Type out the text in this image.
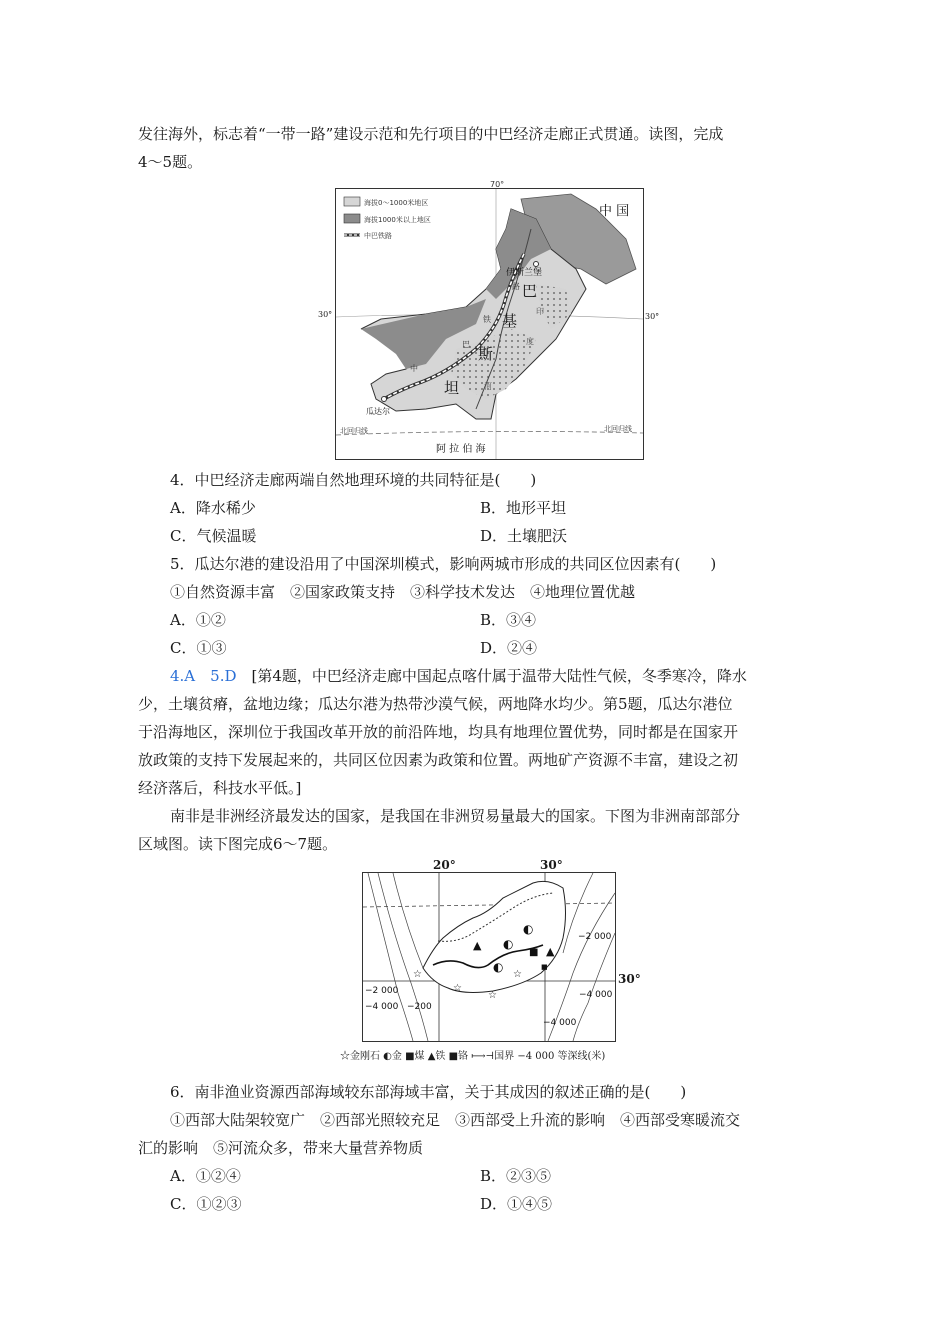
发往海外，标志着“一带一路”建设示范和先行项目的中巴经济走廊正式贯通。读图，完成
4～5题。
海拔0～1000米地区
海拔1000米以上地区
中巴铁路
70°
中 国
伊斯兰堡
巴
基
斯
坦
路
铁
巴
中
印
度
河
瓜达尔
北回归线	北回归线
阿 拉 伯 海
30°	30°
4．中巴经济走廊两端自然地理环境的共同特征是(　　)
A．降水稀少	B．地形平坦
C．气候温暖	D．土壤肥沃
5．瓜达尔港的建设沿用了中国深圳模式，影响两城市形成的共同区位因素有(　　)
①自然资源丰富　②国家政策支持　③科学技术发达　④地理位置优越
A．①②	B．③④
C．①③	D．②④
4.A　5.D　 [第4题，中巴经济走廊中国起点喀什属于温带大陆性气候，冬季寒冷，降水
少，土壤贫瘠，盆地边缘；瓜达尔港为热带沙漠气候，两地降水均少。第5题，瓜达尔港位
于沿海地区，深圳位于我国改革开放的前沿阵地，均具有地理位置优势，同时都是在国家开
放政策的支持下发展起来的，共同区位因素为政策和位置。两地矿产资源不丰富，建设之初
经济落后，科技水平低。]
南非是非洲经济最发达的国家，是我国在非洲贸易量最大的国家。下图为非洲南部部分
区域图。读下图完成6～7题。
20°	30°
▲	▲
◐
◐
◐
■
■
☆
☆
☆
☆
−2 000
−4 000 −200
−2 000
−4 000
−4 000
30°
☆金刚石 ◐金 ■煤 ▲铁 ■铬 ⟼⊣国界 −4 000 等深线(米)
6．南非渔业资源西部海域较东部海域丰富，关于其成因的叙述正确的是(　　)
①西部大陆架较宽广　②西部光照较充足　③西部受上升流的影响　④西部受寒暖流交
汇的影响　⑤河流众多，带来大量营养物质
A．①②④	B．②③⑤
C．①②③	D．①④⑤
